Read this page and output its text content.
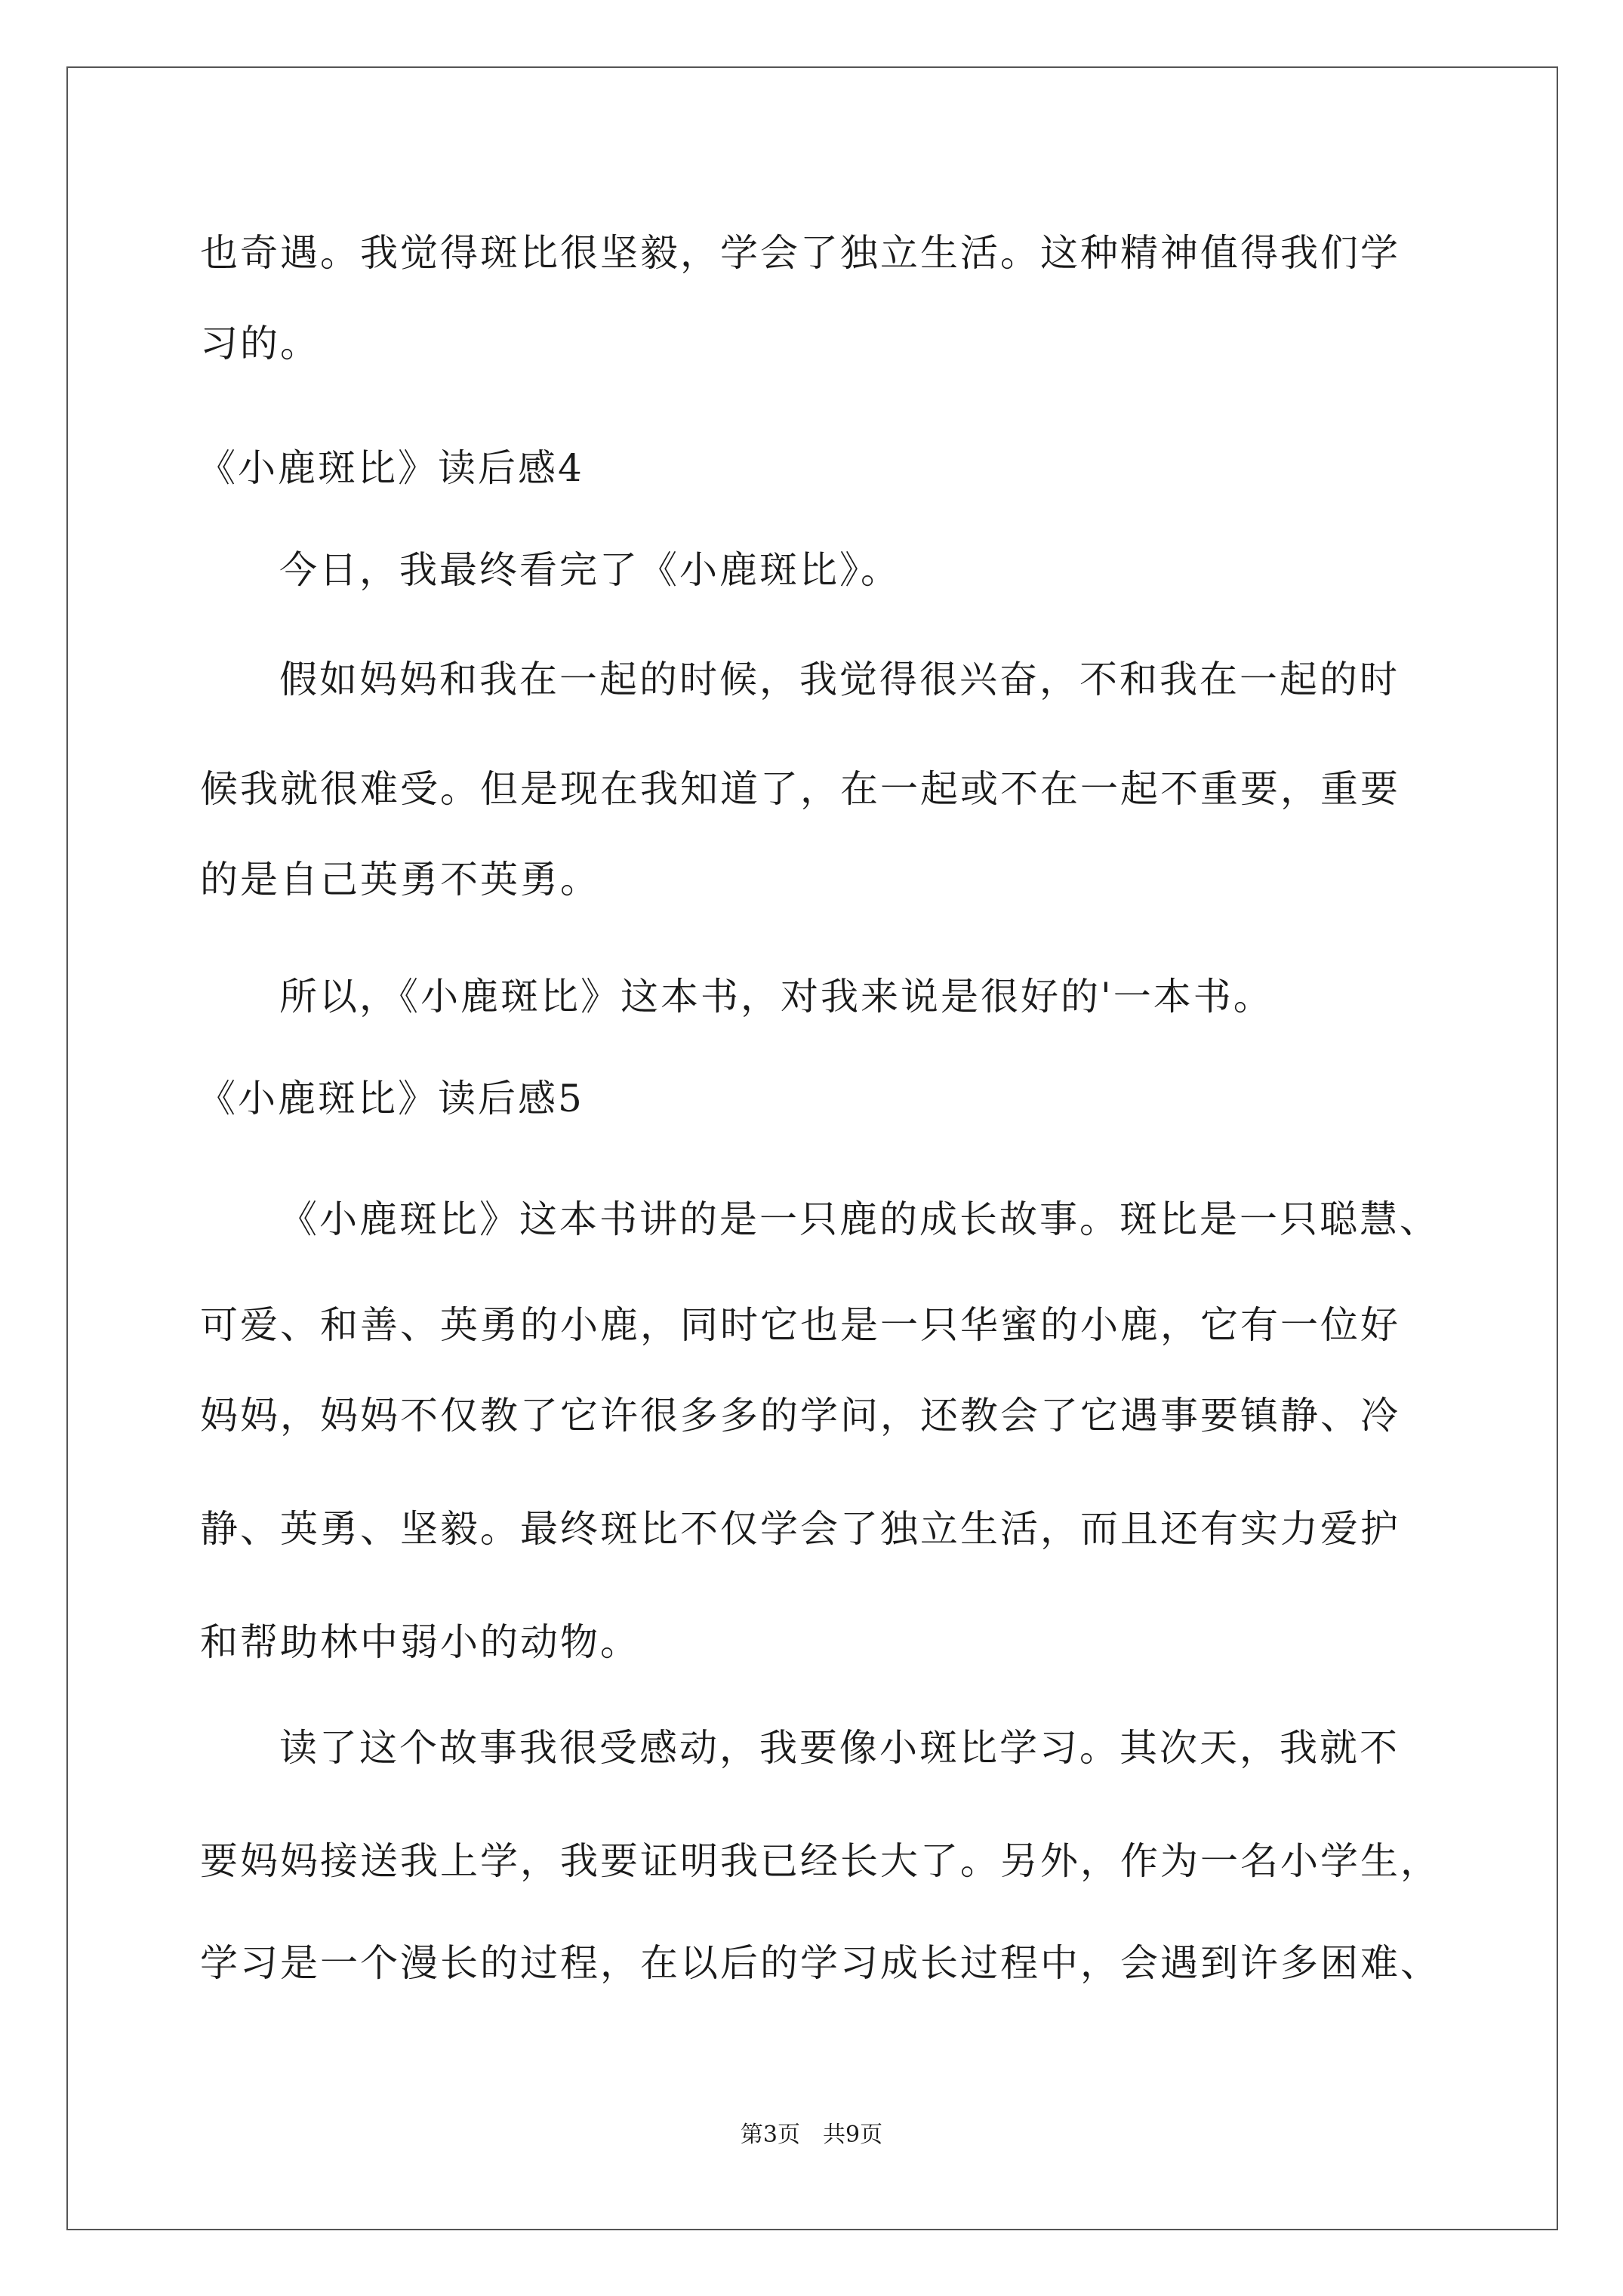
也奇遇。我觉得斑比很坚毅，学会了独立生活。这种精神值得我们学
习的。
《小鹿斑比》读后感4
今日，我最终看完了《小鹿斑比》。
假如妈妈和我在一起的时候，我觉得很兴奋，不和我在一起的时
候我就很难受。但是现在我知道了，在一起或不在一起不重要，重要
的是自己英勇不英勇。
所以，《小鹿斑比》这本书，对我来说是很好的'一本书。
《小鹿斑比》读后感5
《小鹿斑比》这本书讲的是一只鹿的成长故事。斑比是一只聪慧、
可爱、和善、英勇的小鹿，同时它也是一只华蜜的小鹿，它有一位好
妈妈，妈妈不仅教了它许很多多的学问，还教会了它遇事要镇静、冷
静、英勇、坚毅。最终斑比不仅学会了独立生活，而且还有实力爱护
和帮助林中弱小的动物。
读了这个故事我很受感动，我要像小斑比学习。其次天，我就不
要妈妈接送我上学，我要证明我已经长大了。另外，作为一名小学生，
学习是一个漫长的过程，在以后的学习成长过程中，会遇到许多困难、
第3页　共9页
